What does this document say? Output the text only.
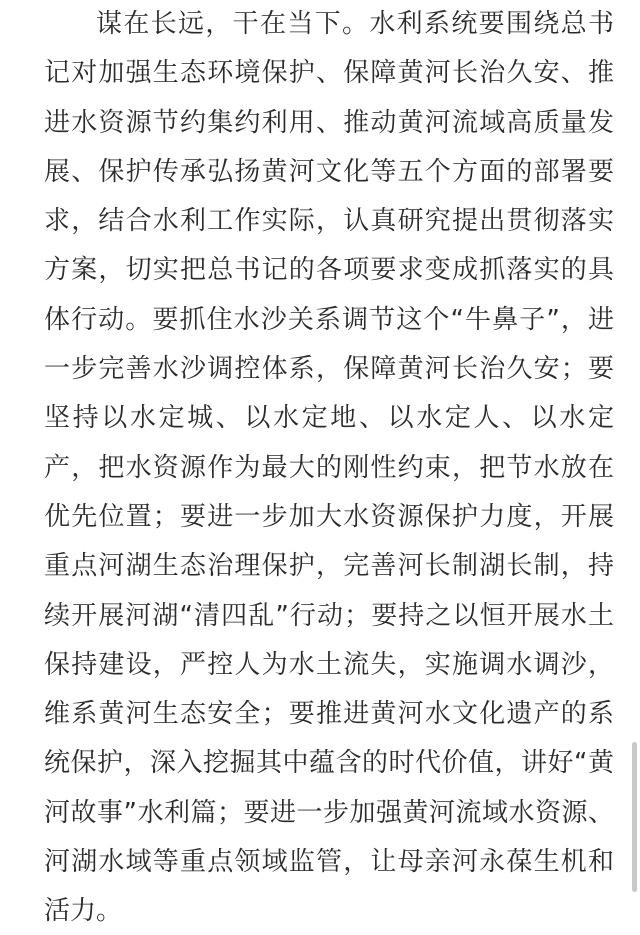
谋在长远，干在当下。水利系统要围绕总书
记对加强生态环境保护、保障黄河长治久安、推
进水资源节约集约利用、推动黄河流域高质量发
展、保护传承弘扬黄河文化等五个方面的部署要
求，结合水利工作实际，认真研究提出贯彻落实
方案，切实把总书记的各项要求变成抓落实的具
体行动。要抓住水沙关系调节这个“牛鼻子”，进
一步完善水沙调控体系，保障黄河长治久安；要
坚持以水定城、以水定地、以水定人、以水定
产，把水资源作为最大的刚性约束，把节水放在
优先位置；要进一步加大水资源保护力度，开展
重点河湖生态治理保护，完善河长制湖长制，持
续开展河湖“清四乱”行动；要持之以恒开展水土
保持建设，严控人为水土流失，实施调水调沙，
维系黄河生态安全；要推进黄河水文化遗产的系
统保护，深入挖掘其中蕴含的时代价值，讲好“黄
河故事”水利篇；要进一步加强黄河流域水资源、
河湖水域等重点领域监管，让母亲河永葆生机和
活力。
